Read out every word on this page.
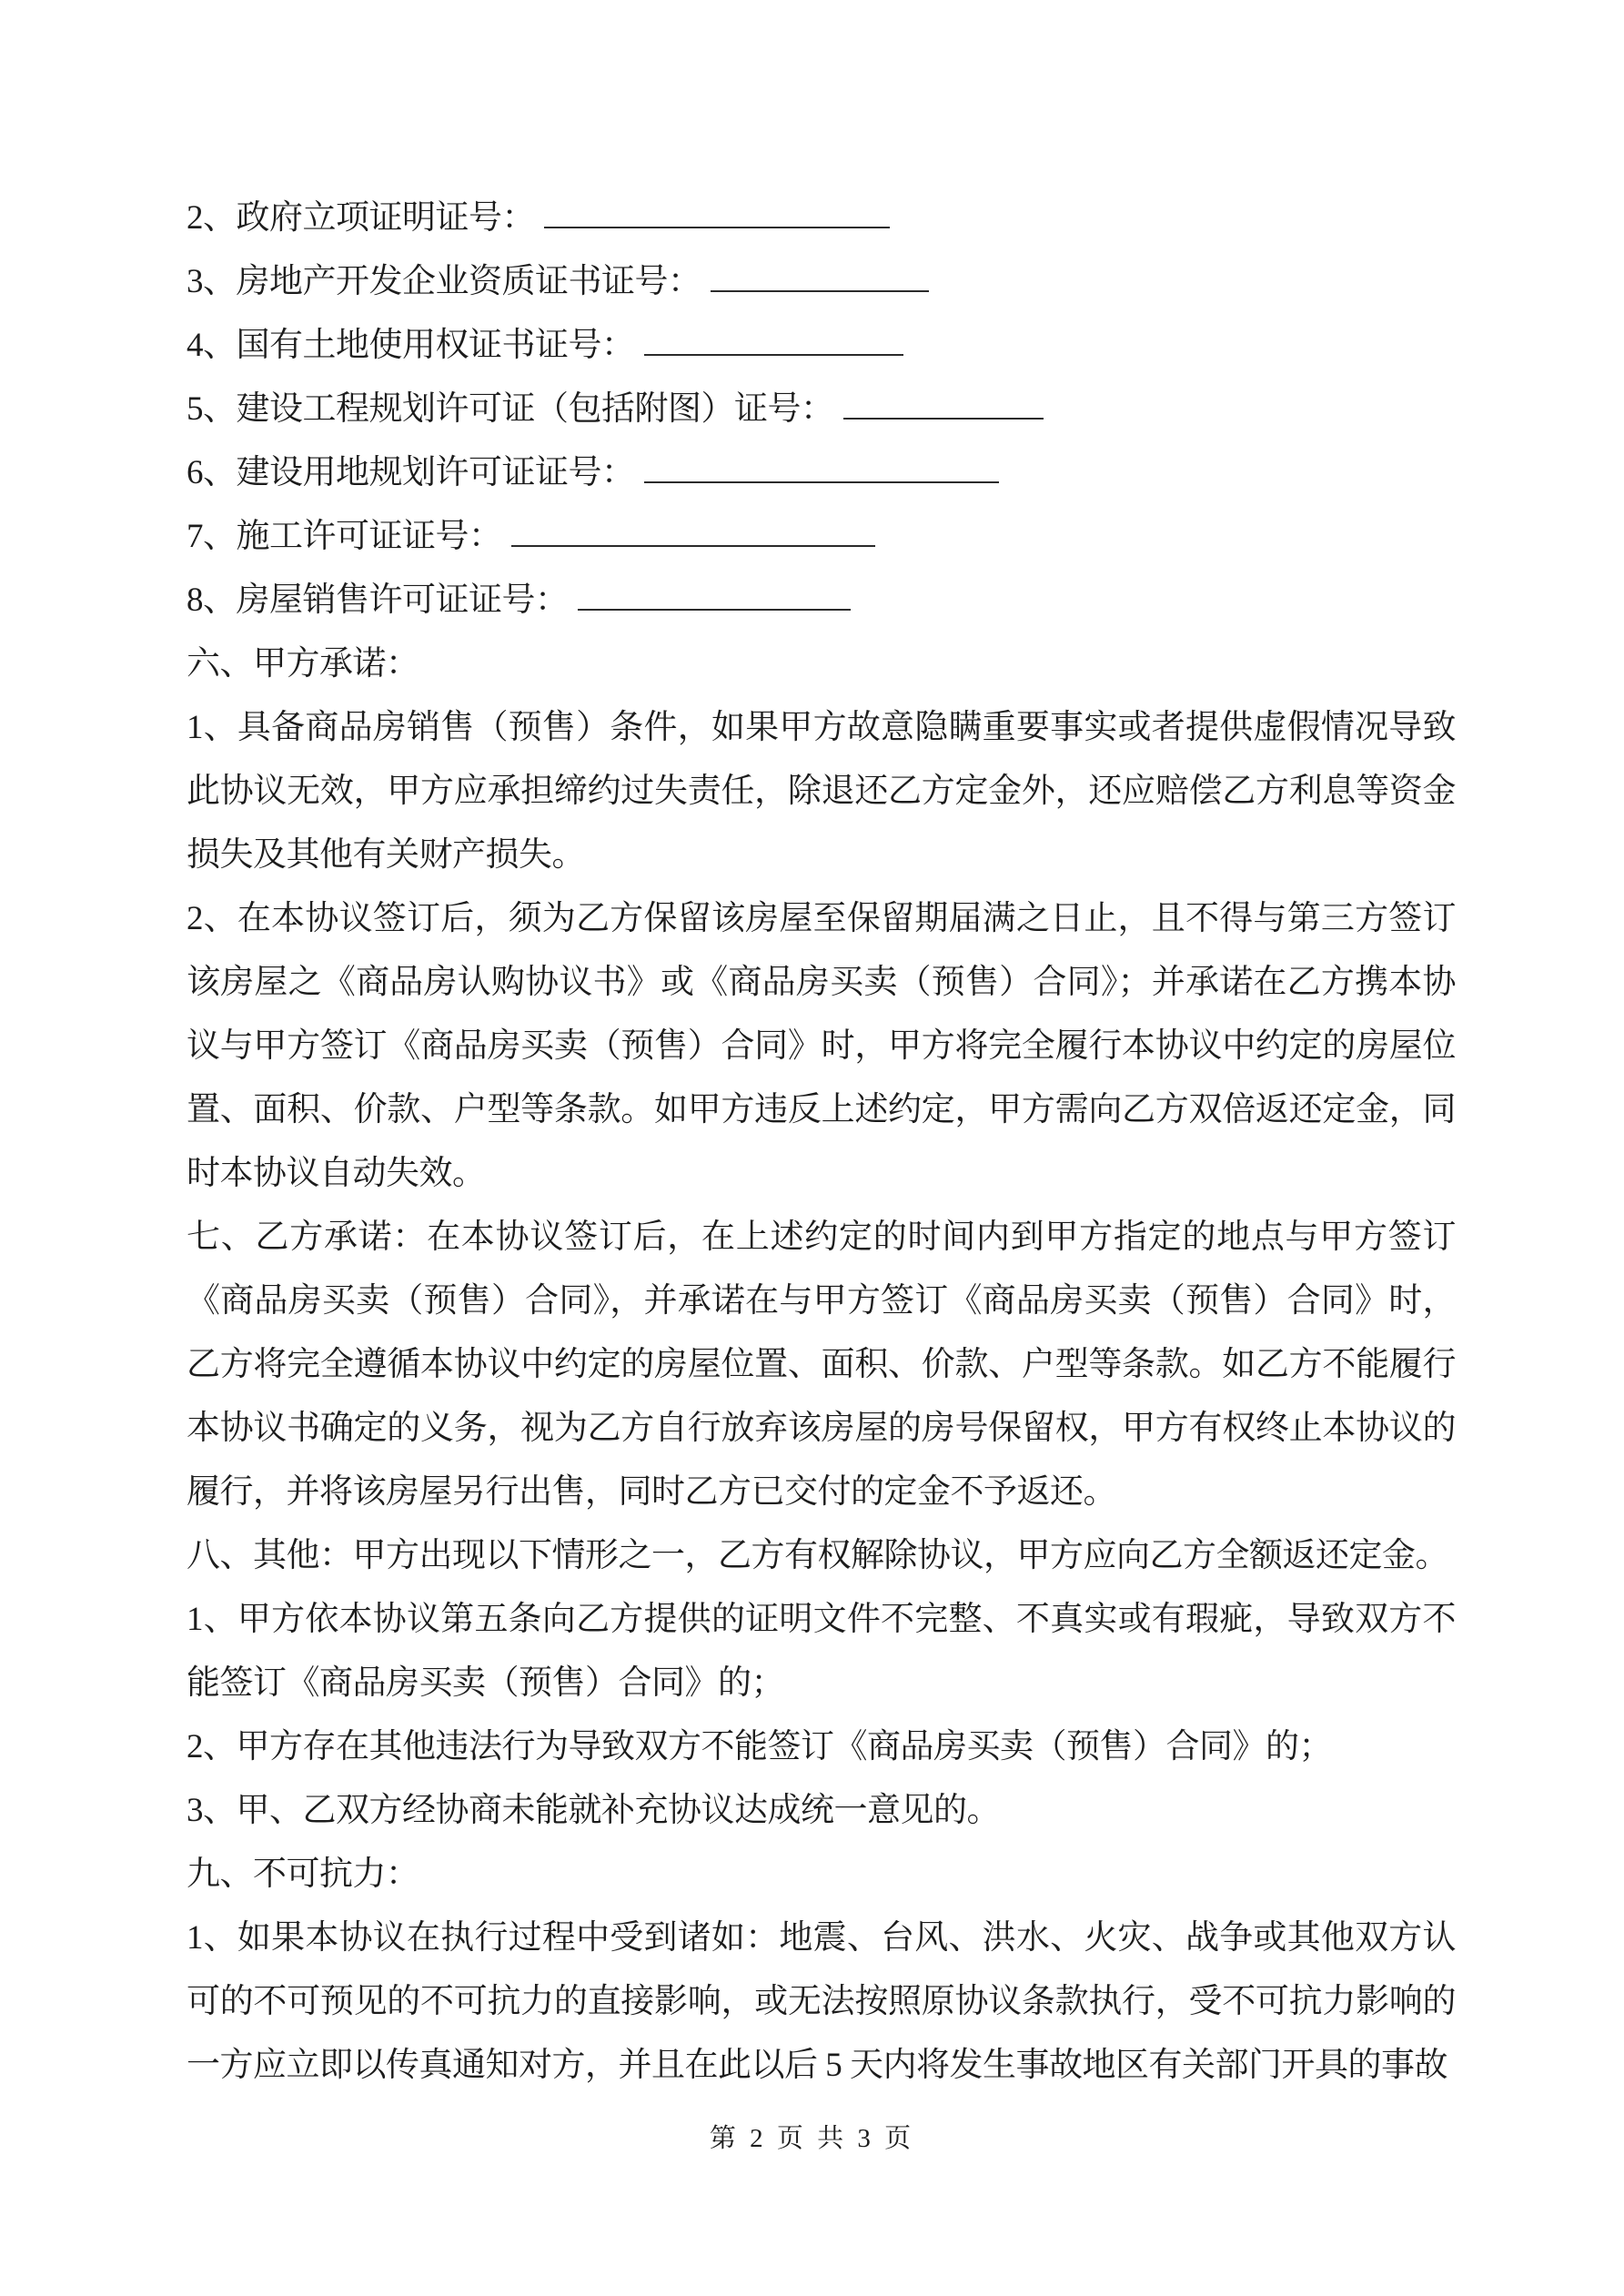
2、政府立项证明证号：
3、房地产开发企业资质证书证号：
4、国有土地使用权证书证号：
5、建设工程规划许可证（包括附图）证号：
6、建设用地规划许可证证号：
7、施工许可证证号：
8、房屋销售许可证证号：
六、甲方承诺：

1、具备商品房销售（预售）条件，如果甲方故意隐瞒重要事实或者提供虚假情况导致此协议无效，甲方应承担缔约过失责任，除退还乙方定金外，还应赔偿乙方利息等资金损失及其他有关财产损失。

2、在本协议签订后，须为乙方保留该房屋至保留期届满之日止，且不得与第三方签订该房屋之《商品房认购协议书》或《商品房买卖（预售）合同》；并承诺在乙方携本协议与甲方签订《商品房买卖（预售）合同》时，甲方将完全履行本协议中约定的房屋位置、面积、价款、户型等条款。如甲方违反上述约定，甲方需向乙方双倍返还定金，同时本协议自动失效。

七、乙方承诺：在本协议签订后，在上述约定的时间内到甲方指定的地点与甲方签订《商品房买卖（预售）合同》，并承诺在与甲方签订《商品房买卖（预售）合同》时，乙方将完全遵循本协议中约定的房屋位置、面积、价款、户型等条款。如乙方不能履行本协议书确定的义务，视为乙方自行放弃该房屋的房号保留权，甲方有权终止本协议的履行，并将该房屋另行出售，同时乙方已交付的定金不予返还。

八、其他：甲方出现以下情形之一，乙方有权解除协议，甲方应向乙方全额返还定金。

1、甲方依本协议第五条向乙方提供的证明文件不完整、不真实或有瑕疵，导致双方不能签订《商品房买卖（预售）合同》的；

2、甲方存在其他违法行为导致双方不能签订《商品房买卖（预售）合同》的；

3、甲、乙双方经协商未能就补充协议达成统一意见的。

九、不可抗力：

1、如果本协议在执行过程中受到诸如：地震、台风、洪水、火灾、战争或其他双方认可的不可预见的不可抗力的直接影响，或无法按照原协议条款执行，受不可抗力影响的一方应立即以传真通知对方，并且在此以后 5 天内将发生事故地区有关部门开具的事故

第 2 页 共 3 页
